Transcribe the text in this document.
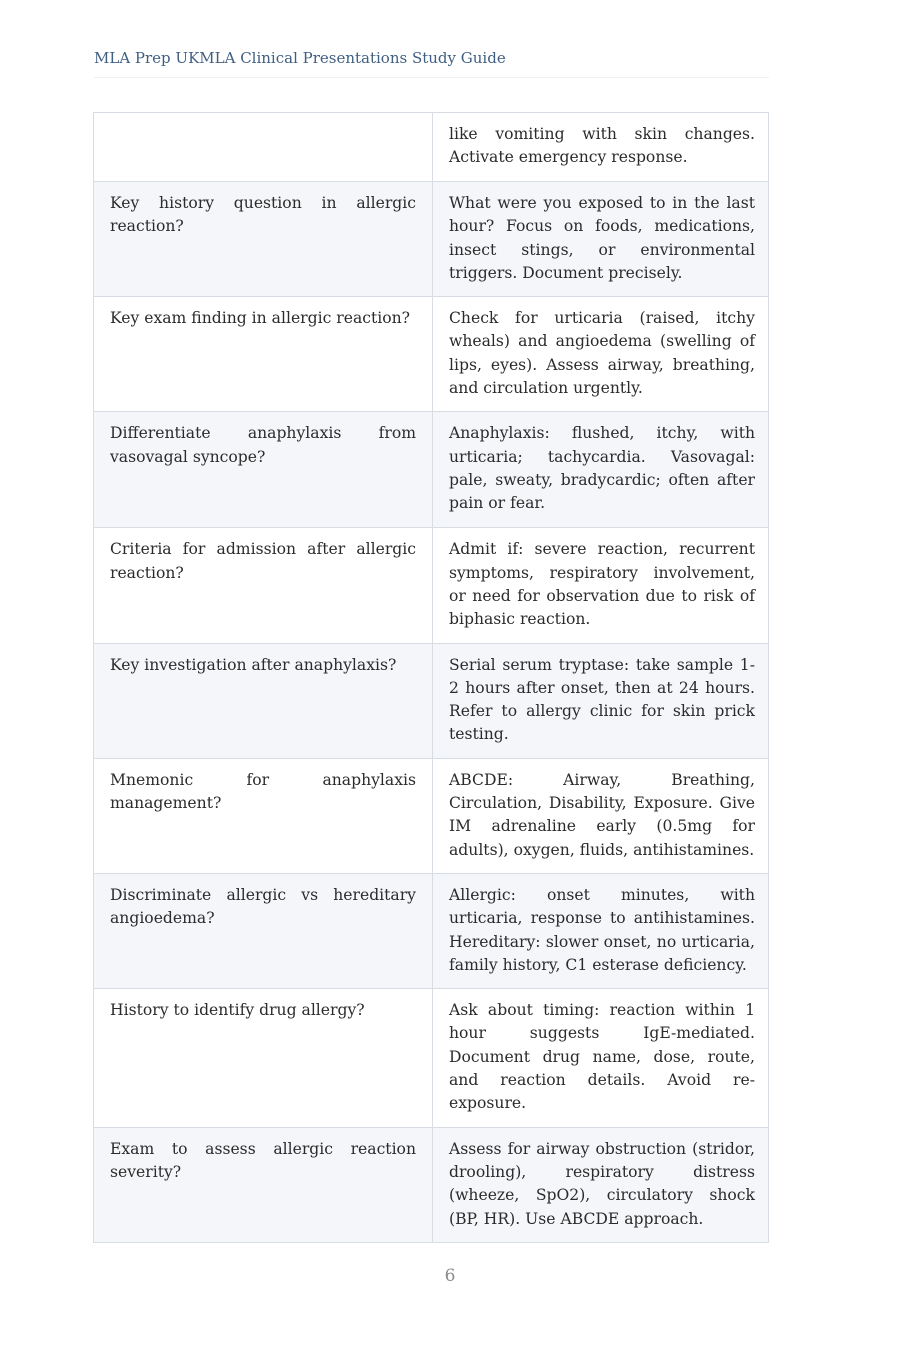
MLA Prep UKMLA Clinical Presentations Study Guide
	like vomiting with skin changes. Activate emergency response.
Key history question in allergic reaction?	What were you exposed to in the last hour? Focus on foods, medications, insect stings, or environmental triggers. Document precisely.
Key exam finding in allergic reaction?	Check for urticaria (raised, itchy wheals) and angioedema (swelling of lips, eyes). Assess airway, breathing, and circulation urgently.
Differentiate anaphylaxis from vasovagal syncope?	Anaphylaxis: flushed, itchy, with urticaria; tachycardia. Vasovagal: pale, sweaty, bradycardic; often after pain or fear.
Criteria for admission after allergic reaction?	Admit if: severe reaction, recurrent symptoms, respiratory involvement, or need for observation due to risk of biphasic reaction.
Key investigation after anaphylaxis?	Serial serum tryptase: take sample 1-2 hours after onset, then at 24 hours. Refer to allergy clinic for skin prick testing.
Mnemonic for anaphylaxis management?	ABCDE: Airway, Breathing, Circulation, Disability, Exposure. Give IM adrenaline early (0.5mg for adults), oxygen, fluids, antihistamines.
Discriminate allergic vs hereditary angioedema?	Allergic: onset minutes, with urticaria, response to antihistamines. Hereditary: slower onset, no urticaria, family history, C1 esterase deficiency.
History to identify drug allergy?	Ask about timing: reaction within 1 hour suggests IgE-mediated. Document drug name, dose, route, and reaction details. Avoid re-exposure.
Exam to assess allergic reaction severity?	Assess for airway obstruction (stridor, drooling), respiratory distress (wheeze, SpO2), circulatory shock (BP, HR). Use ABCDE approach.
6
